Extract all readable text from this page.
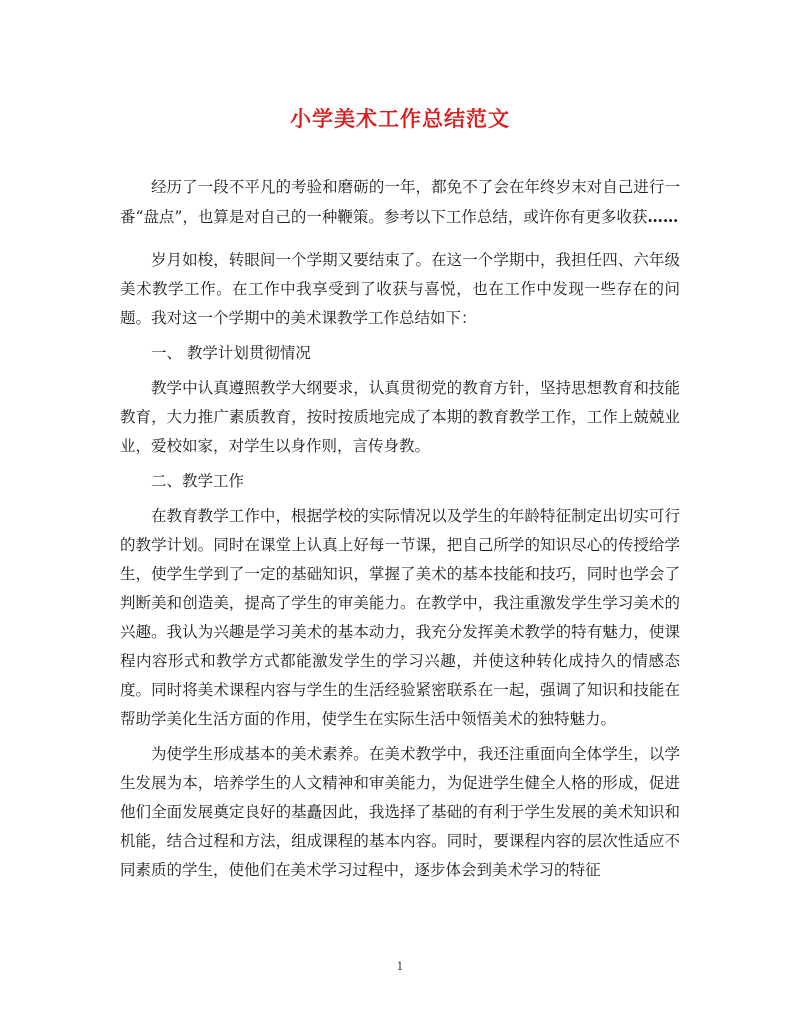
小学美术工作总结范文

经历了一段不平凡的考验和磨砺的一年，都免不了会在年终岁末对自己进行一番“盘点”，也算是对自己的一种鞭策。参考以下工作总结，或许你有更多收获……

岁月如梭，转眼间一个学期又要结束了。在这一个学期中，我担任四、六年级美术教学工作。在工作中我享受到了收获与喜悦，也在工作中发现一些存在的问题。我对这一个学期中的美术课教学工作总结如下：

一、 教学计划贯彻情况

教学中认真遵照教学大纲要求，认真贯彻党的教育方针，坚持思想教育和技能教育，大力推广素质教育，按时按质地完成了本期的教育教学工作，工作上兢兢业业，爱校如家，对学生以身作则，言传身教。

二、教学工作

在教育教学工作中，根据学校的实际情况以及学生的年龄特征制定出切实可行的教学计划。同时在课堂上认真上好每一节课，把自己所学的知识尽心的传授给学生，使学生学到了一定的基础知识，掌握了美术的基本技能和技巧，同时也学会了判断美和创造美，提高了学生的审美能力。在教学中，我注重激发学生学习美术的兴趣。我认为兴趣是学习美术的基本动力，我充分发挥美术教学的特有魅力，使课程内容形式和教学方式都能激发学生的学习兴趣，并使这种转化成持久的情感态度。同时将美术课程内容与学生的生活经验紧密联系在一起，强调了知识和技能在帮助学美化生活方面的作用，使学生在实际生活中领悟美术的独特魅力。

为使学生形成基本的美术素养。在美术教学中，我还注重面向全体学生，以学生发展为本，培养学生的人文精神和审美能力，为促进学生健全人格的形成，促进他们全面发展奠定良好的基矗因此，我选择了基础的有利于学生发展的美术知识和机能，结合过程和方法，组成课程的基本内容。同时，要课程内容的层次性适应不同素质的学生，使他们在美术学习过程中，逐步体会到美术学习的特征

1
